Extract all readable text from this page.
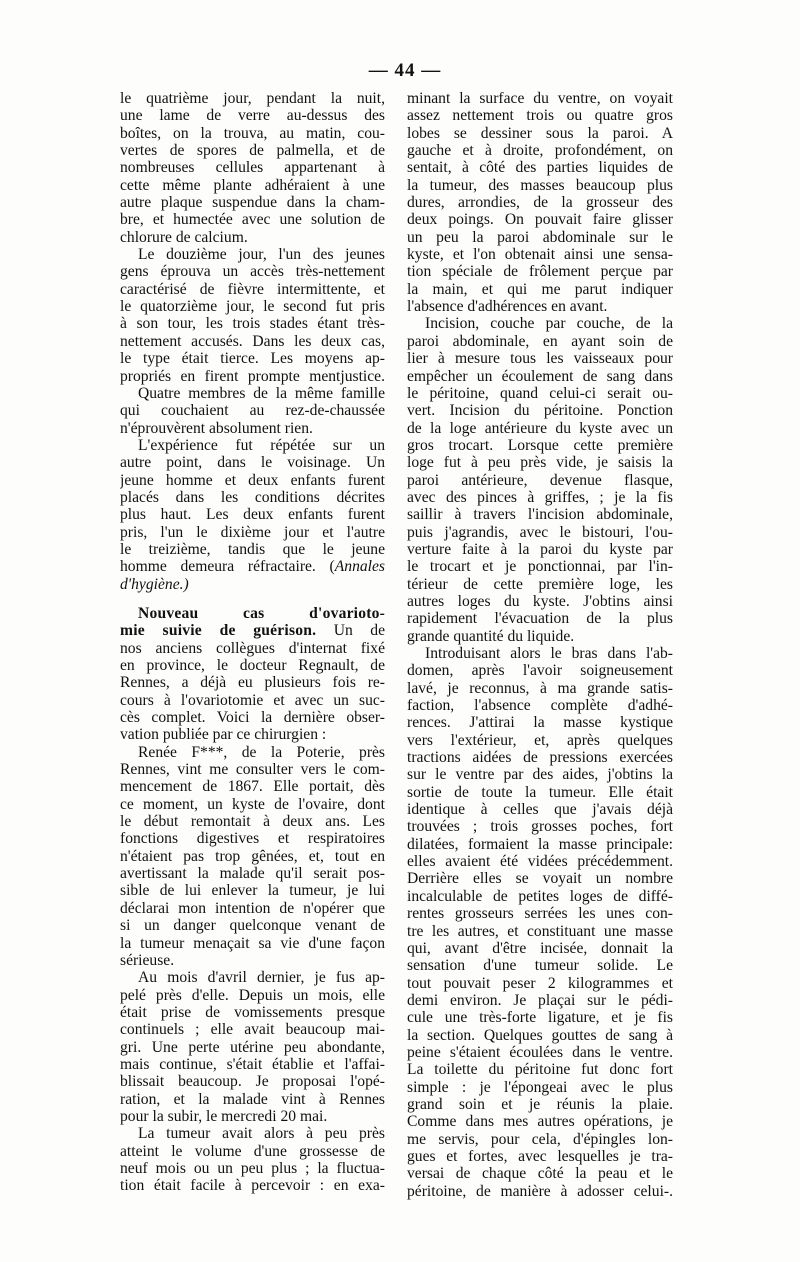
— 44 —

le quatrième jour, pendant la nuit,

une lame de verre au-dessus des

boîtes, on la trouva, au matin, cou-

vertes de spores de palmella, et de

nombreuses cellules appartenant à

cette même plante adhéraient à une

autre plaque suspendue dans la cham-

bre, et humectée avec une solution de

chlorure de calcium.

Le douzième jour, l'un des jeunes

gens éprouva un accès très-nettement

caractérisé de fièvre intermittente, et

le quatorzième jour, le second fut pris

à son tour, les trois stades étant très-

nettement accusés. Dans les deux cas,

le type était tierce. Les moyens ap-

propriés en firent prompte mentjustice.

Quatre membres de la même famille

qui couchaient au rez-de-chaussée

n'éprouvèrent absolument rien.

L'expérience fut répétée sur un

autre point, dans le voisinage. Un

jeune homme et deux enfants furent

placés dans les conditions décrites

plus haut. Les deux enfants furent

pris, l'un le dixième jour et l'autre

le treizième, tandis que le jeune

homme demeura réfractaire. (Annales

d'hygiène.)

Nouveau cas d'ovarioto-

mie suivie de guérison. Un de

nos anciens collègues d'internat fixé

en province, le docteur Regnault, de

Rennes, a déjà eu plusieurs fois re-

cours à l'ovariotomie et avec un suc-

cès complet. Voici la dernière obser-

vation publiée par ce chirurgien :

Renée F***, de la Poterie, près

Rennes, vint me consulter vers le com-

mencement de 1867. Elle portait, dès

ce moment, un kyste de l'ovaire, dont

le début remontait à deux ans. Les

fonctions digestives et respiratoires

n'étaient pas trop gênées, et, tout en

avertissant la malade qu'il serait pos-

sible de lui enlever la tumeur, je lui

déclarai mon intention de n'opérer que

si un danger quelconque venant de

la tumeur menaçait sa vie d'une façon

sérieuse.

Au mois d'avril dernier, je fus ap-

pelé près d'elle. Depuis un mois, elle

était prise de vomissements presque

continuels ; elle avait beaucoup mai-

gri. Une perte utérine peu abondante,

mais continue, s'était établie et l'affai-

blissait beaucoup. Je proposai l'opé-

ration, et la malade vint à Rennes

pour la subir, le mercredi 20 mai.

La tumeur avait alors à peu près

atteint le volume d'une grossesse de

neuf mois ou un peu plus ; la fluctua-

tion était facile à percevoir : en exa-

minant la surface du ventre, on voyait

assez nettement trois ou quatre gros

lobes se dessiner sous la paroi. A

gauche et à droite, profondément, on

sentait, à côté des parties liquides de

la tumeur, des masses beaucoup plus

dures, arrondies, de la grosseur des

deux poings. On pouvait faire glisser

un peu la paroi abdominale sur le

kyste, et l'on obtenait ainsi une sensa-

tion spéciale de frôlement perçue par

la main, et qui me parut indiquer

l'absence d'adhérences en avant.

Incision, couche par couche, de la

paroi abdominale, en ayant soin de

lier à mesure tous les vaisseaux pour

empêcher un écoulement de sang dans

le péritoine, quand celui-ci serait ou-

vert. Incision du péritoine. Ponction

de la loge antérieure du kyste avec un

gros trocart. Lorsque cette première

loge fut à peu près vide, je saisis la

paroi antérieure, devenue flasque,

avec des pinces à griffes, ; je la fis

saillir à travers l'incision abdominale,

puis j'agrandis, avec le bistouri, l'ou-

verture faite à la paroi du kyste par

le trocart et je ponctionnai, par l'in-

térieur de cette première loge, les

autres loges du kyste. J'obtins ainsi

rapidement l'évacuation de la plus

grande quantité du liquide.

Introduisant alors le bras dans l'ab-

domen, après l'avoir soigneusement

lavé, je reconnus, à ma grande satis-

faction, l'absence complète d'adhé-

rences. J'attirai la masse kystique

vers l'extérieur, et, après quelques

tractions aidées de pressions exercées

sur le ventre par des aides, j'obtins la

sortie de toute la tumeur. Elle était

identique à celles que j'avais déjà

trouvées ; trois grosses poches, fort

dilatées, formaient la masse principale:

elles avaient été vidées précédemment.

Derrière elles se voyait un nombre

incalculable de petites loges de diffé-

rentes grosseurs serrées les unes con-

tre les autres, et constituant une masse

qui, avant d'être incisée, donnait la

sensation d'une tumeur solide. Le

tout pouvait peser 2 kilogrammes et

demi environ. Je plaçai sur le pédi-

cule une très-forte ligature, et je fis

la section. Quelques gouttes de sang à

peine s'étaient écoulées dans le ventre.

La toilette du péritoine fut donc fort

simple : je l'épongeai avec le plus

grand soin et je réunis la plaie.

Comme dans mes autres opérations, je

me servis, pour cela, d'épingles lon-

gues et fortes, avec lesquelles je tra-

versai de chaque côté la peau et le

péritoine, de manière à adosser celui-.
